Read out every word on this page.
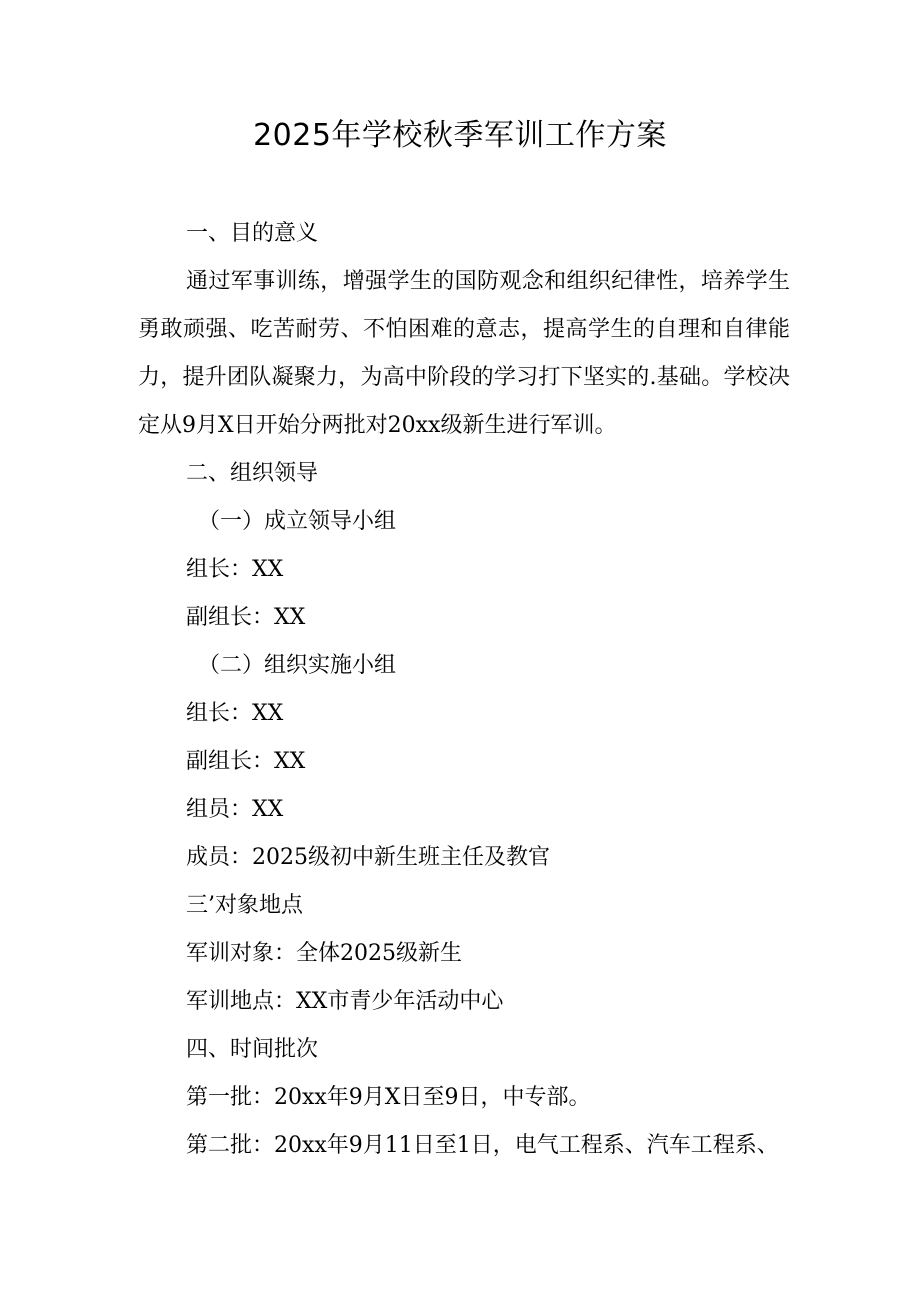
2025年学校秋季军训工作方案
一、目的意义
通过军事训练，增强学生的国防观念和组织纪律性，培养学生勇敢顽强、吃苦耐劳、不怕困难的意志，提高学生的自理和自律能力，提升团队凝聚力，为高中阶段的学习打下坚实的.基础。学校决定从9月X日开始分两批对20xx级新生进行军训。
二、组织领导
（一）成立领导小组
组长：XX
副组长：XX
（二）组织实施小组
组长：XX
副组长：XX
组员：XX
成员：2025级初中新生班主任及教官
三’对象地点
军训对象：全体2025级新生
军训地点：XX市青少年活动中心
四、时间批次
第一批：20xx年9月X日至9日，中专部。
第二批：20xx年9月11日至1日，电气工程系、汽车工程系、
